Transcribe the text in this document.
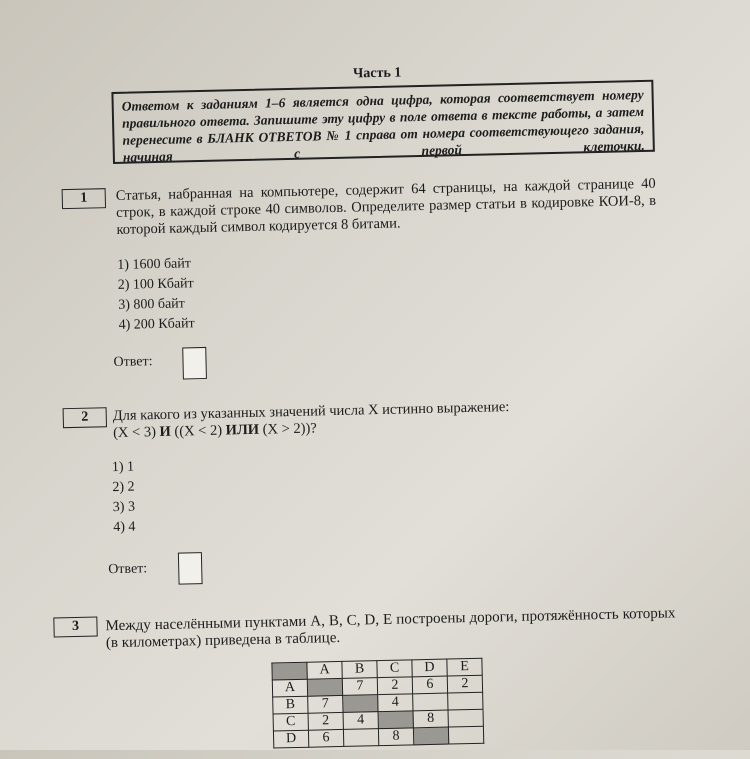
Часть 1
Ответом к заданиям 1–6 является одна цифра, которая соответствует номеру правильного ответа. Запишите эту цифру в поле ответа в тексте работы, а затем перенесите в БЛАНК ОТВЕТОВ № 1 справа от номера соответствующего задания, начиная с первой клеточки.
1	Статья, набранная на компьютере, содержит 64 страницы, на каждой странице 40 строк, в каждой строке 40 символов. Определите размер статьи в кодировке КОИ-8, в которой каждый символ кодируется 8 битами.
1) 1600 байт
2) 100 Кбайт
3) 800 байт
4) 200 Кбайт
Ответ:
2	Для какого из указанных значений числа X истинно выражение:
(X < 3) И ((X < 2) ИЛИ (X > 2))?
1) 1
2) 2
3) 3
4) 4
Ответ:
3	Между населёнными пунктами A, B, C, D, E построены дороги, протяжённость которых (в километрах) приведена в таблице.
	A	B	C	D	E
A		7	2	6	2
B	7		4		
C	2	4		8	
D	6		8		
